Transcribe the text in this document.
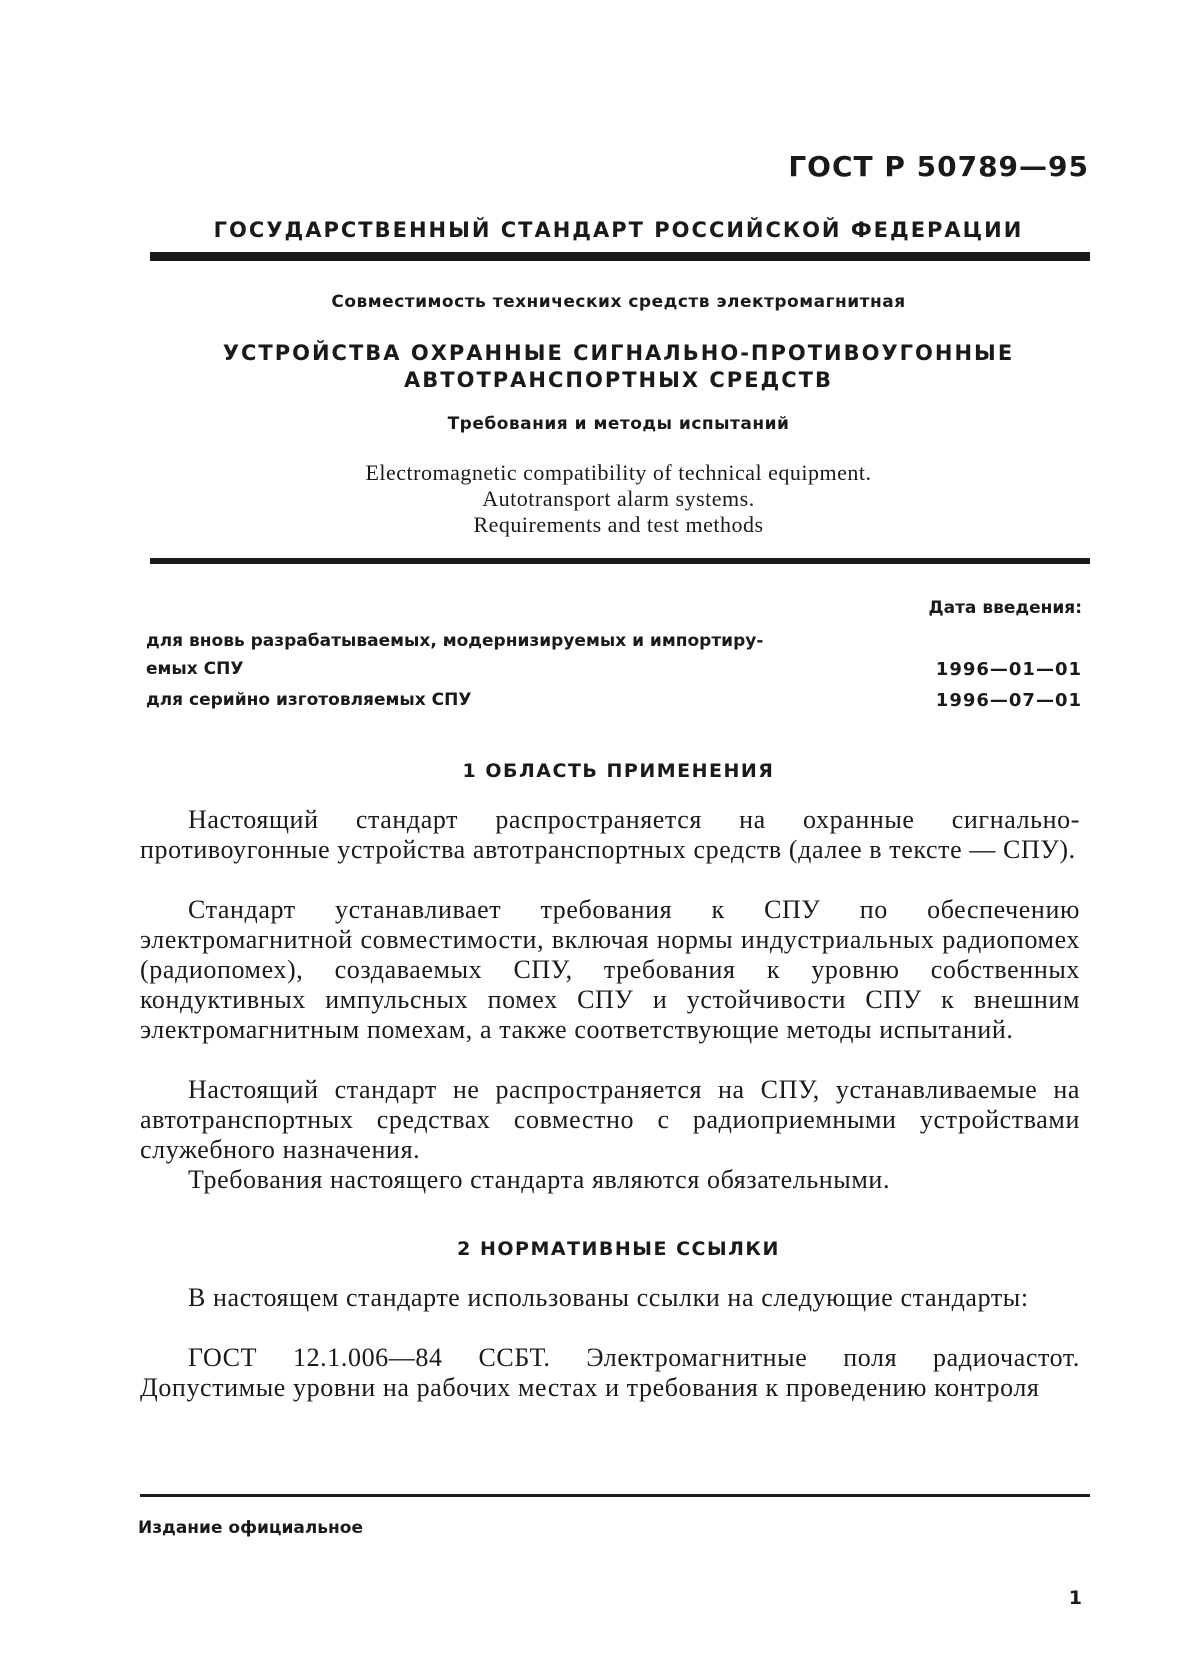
ГОСТ Р 50789—95
ГОСУДАРСТВЕННЫЙ СТАНДАРТ РОССИЙСКОЙ ФЕДЕРАЦИИ
Совместимость технических средств электромагнитная
УСТРОЙСТВА ОХРАННЫЕ СИГНАЛЬНО-ПРОТИВОУГОННЫЕ
АВТОТРАНСПОРТНЫХ СРЕДСТВ
Требования и методы испытаний
Electromagnetic compatibility of technical equipment.
Autotransport alarm systems.
Requirements and test methods
Дата введения:
для вновь разрабатываемых, модернизируемых и импортиру-
емых СПУ	1996—01—01
для серийно изготовляемых СПУ	1996—07—01
1 ОБЛАСТЬ ПРИМЕНЕНИЯ

Настоящий стандарт распространяется на охранные сигнально-противоугонные устройства автотранспортных средств (далее в тексте — СПУ).

Стандарт устанавливает требования к СПУ по обеспечению электромагнитной совместимости, включая нормы индустриальных радиопомех (радиопомех), создаваемых СПУ, требования к уровню собственных кондуктивных импульсных помех СПУ и устойчивости СПУ к внешним электромагнитным помехам, а также соответствующие методы испытаний.

Настоящий стандарт не распространяется на СПУ, устанавливаемые на автотранспортных средствах совместно с радиоприемными устройствами служебного назначения.

Требования настоящего стандарта являются обязательными.

2 НОРМАТИВНЫЕ ССЫЛКИ

В настоящем стандарте использованы ссылки на следующие стандарты:

ГОСТ 12.1.006—84 ССБТ. Электромагнитные поля радиочастот. Допустимые уровни на рабочих местах и требования к проведению контроля

Издание официальное
1
